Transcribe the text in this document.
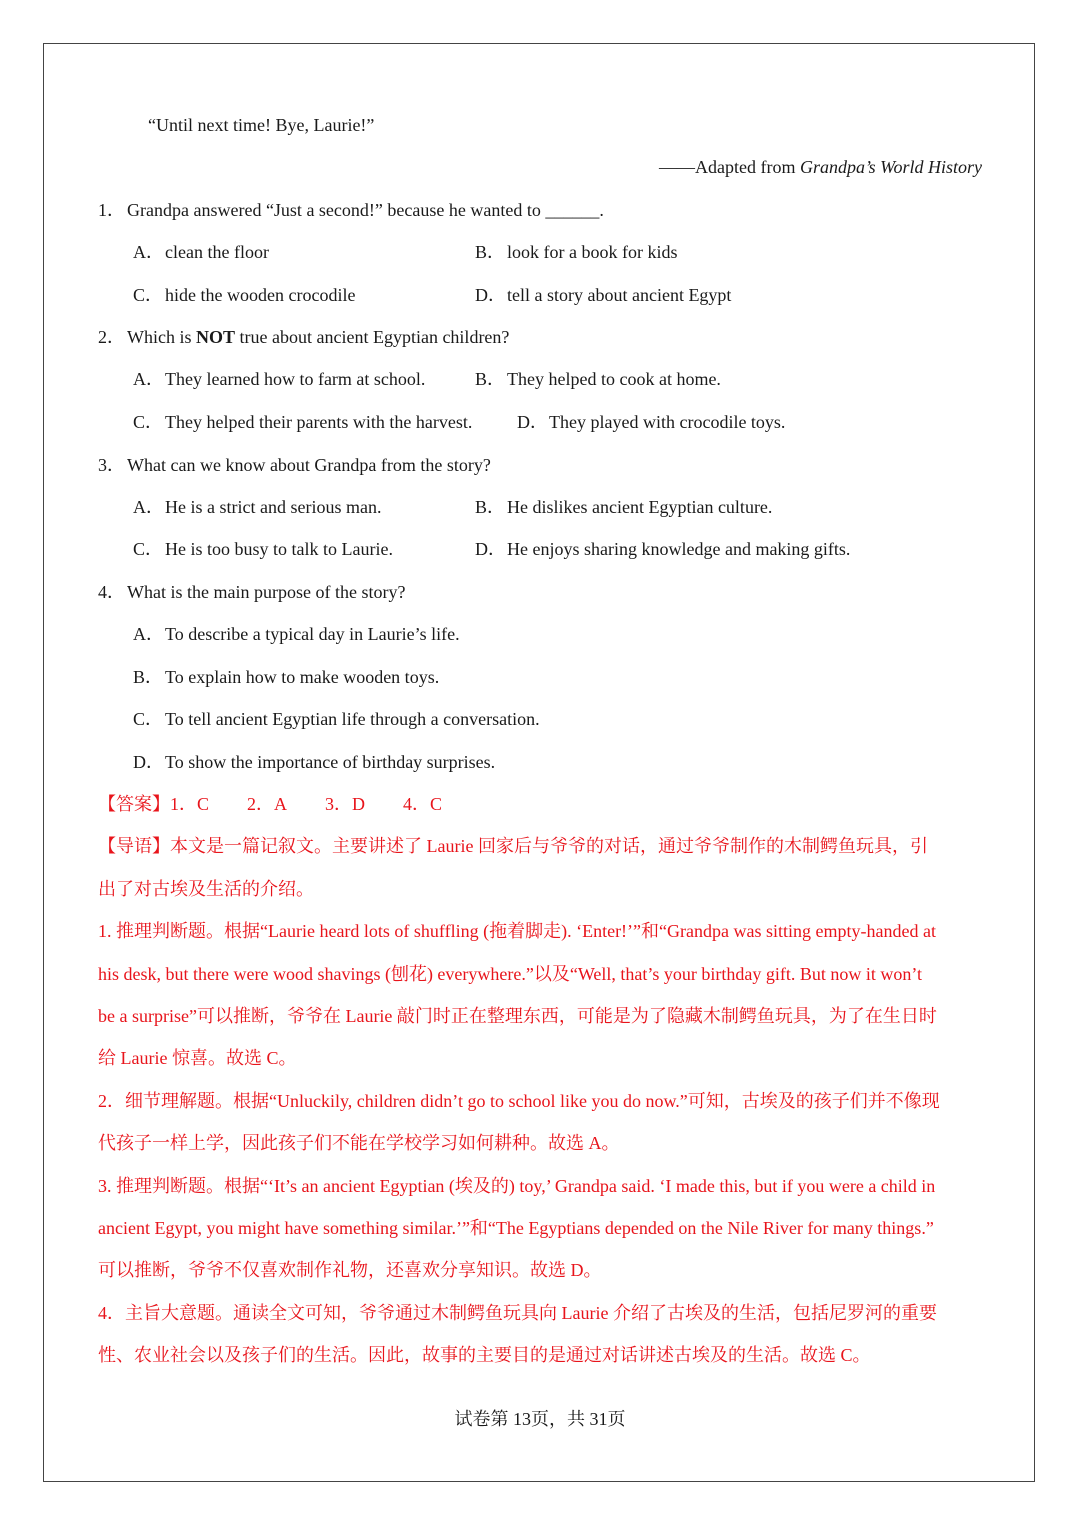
“Until next time! Bye, Laurie!”
——Adapted from Grandpa’s World History
1． Grandpa answered “Just a second!” because he wanted to ______.
A．clean the floor	B． look for a book for kids
C． hide the wooden crocodile	D．tell a story about ancient Egypt
2． Which is NOT true about ancient Egyptian children?
A．They learned how to farm at school.	B． They helped to cook at home.
C． They helped their parents with the harvest. D．They played with crocodile toys.
3． What can we know about Grandpa from the story?
A．He is a strict and serious man.	B． He dislikes ancient Egyptian culture.
C． He is too busy to talk to Laurie.	D．He enjoys sharing knowledge and making gifts.
4． What is the main purpose of the story?
A．To describe a typical day in Laurie’s life.
B． To explain how to make wooden toys.
C． To tell ancient Egyptian life through a conversation.
D．To show the importance of birthday surprises.
【答案】1．C 2．A 3．D 4．C
【导语】本文是一篇记叙文。主要讲述了 Laurie 回家后与爷爷的对话，通过爷爷制作的木制鳄鱼玩具，引
出了对古埃及生活的介绍。
1. 推理判断题。根据“Laurie heard lots of shuffling (拖着脚走). ‘Enter!’”和“Grandpa was sitting empty-handed at
his desk, but there were wood shavings (刨花) everywhere.”以及“Well, that’s your birthday gift. But now it won’t
be a surprise”可以推断，爷爷在 Laurie 敲门时正在整理东西，可能是为了隐藏木制鳄鱼玩具，为了在生日时
给 Laurie 惊喜。故选 C。
2．细节理解题。根据“Unluckily, children didn’t go to school like you do now.”可知，古埃及的孩子们并不像现
代孩子一样上学，因此孩子们不能在学校学习如何耕种。故选 A。
3. 推理判断题。根据“‘It’s an ancient Egyptian (埃及的) toy,’ Grandpa said. ‘I made this, but if you were a child in
ancient Egypt, you might have something similar.’”和“The Egyptians depended on the Nile River for many things.”
可以推断，爷爷不仅喜欢制作礼物，还喜欢分享知识。故选 D。
4．主旨大意题。通读全文可知，爷爷通过木制鳄鱼玩具向 Laurie 介绍了古埃及的生活，包括尼罗河的重要
性、农业社会以及孩子们的生活。因此，故事的主要目的是通过对话讲述古埃及的生活。故选 C。
试卷第 13页，共 31页
